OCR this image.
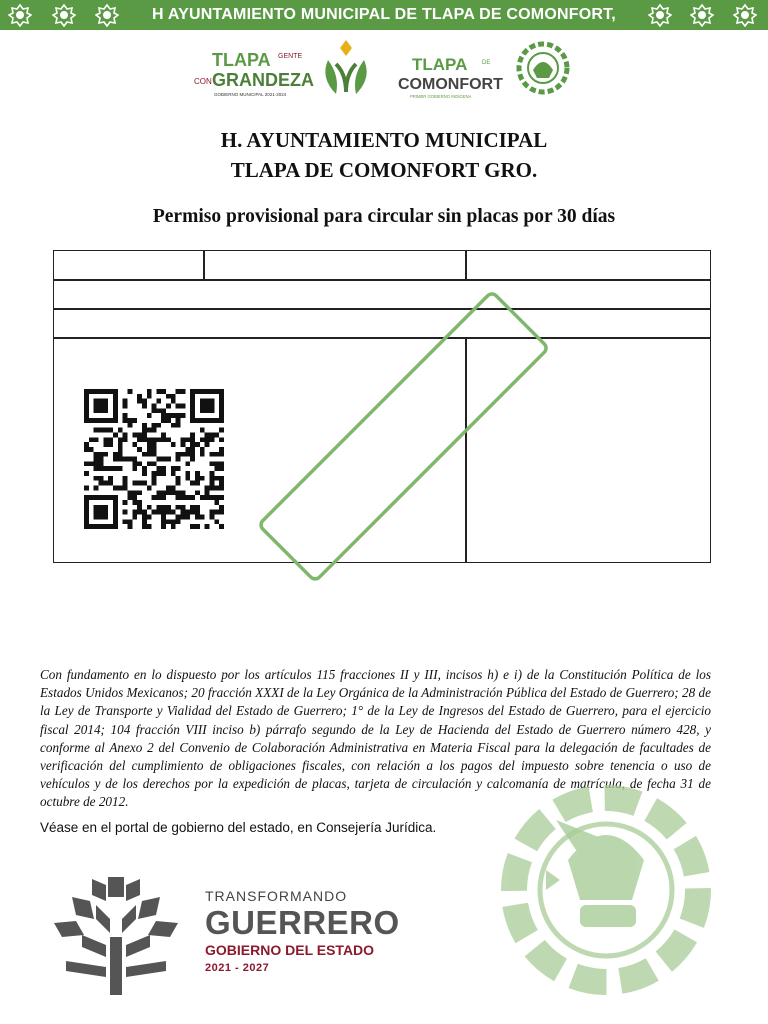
H AYUNTAMIENTO MUNICIPAL DE TLAPA DE COMONFORT, GRO.
TLAPA GENTE
CON GRANDEZA
GOBIERNO MUNICIPAL 2021-2024
TLAPA DE
COMONFORT
PRIMER GOBIERNO INDÍGENA
H. AYUNTAMIENTO MUNICIPAL
TLAPA DE COMONFORT GRO.
Permiso provisional para circular sin placas por 30 días
Con fundamento en lo dispuesto por los artículos 115 fracciones II y III, incisos h) e i) de la Constitución Política de los Estados Unidos Mexicanos; 20 fracción XXXI de la Ley Orgánica de la Administración Pública del Estado de Guerrero; 28 de la Ley de Transporte y Vialidad del Estado de Guerrero; 1° de la Ley de Ingresos del Estado de Guerrero, para el ejercicio fiscal 2014; 104 fracción VIII inciso b) párrafo segundo de la Ley de Hacienda del Estado de Guerrero número 428, y conforme al Anexo 2 del Convenio de Colaboración Administrativa en Materia Fiscal para la delegación de facultades de verificación del cumplimiento de obligaciones fiscales, con relación a los pagos del impuesto sobre tenencia o uso de vehículos y de los derechos por la expedición de placas, tarjeta de circulación y calcomanía de matrícula, de fecha 31 de octubre de 2012.
Véase en el portal de gobierno del estado, en Consejería Jurídica.
TRANSFORMANDO
GUERRERO
GOBIERNO DEL ESTADO
2021 - 2027
